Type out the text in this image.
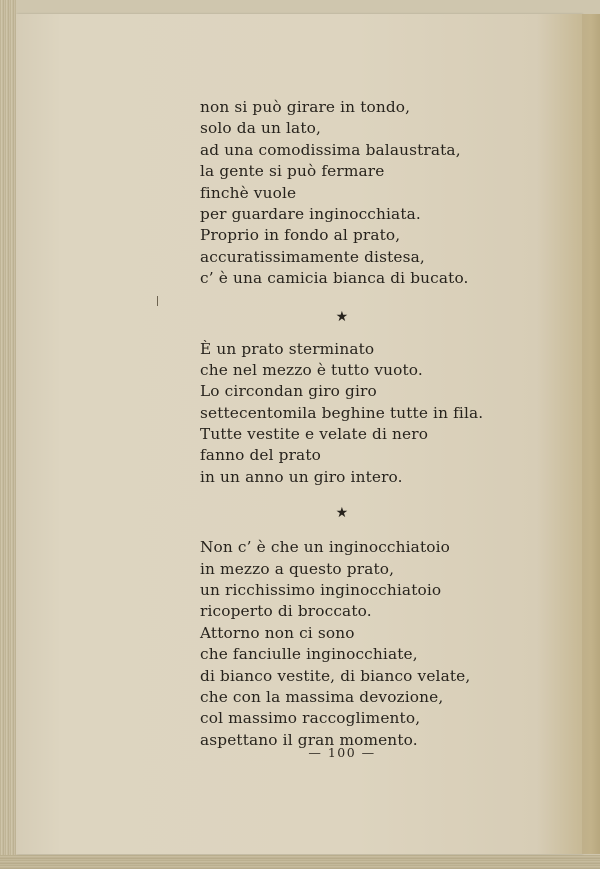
non si può girare in tondo,
solo da un lato,
ad una comodissima balaustrata,
la gente si può fermare
finchè vuole
per guardare inginocchiata.
Proprio in fondo al prato,
accuratissimamente distesa,
c’ è una camicia bianca di bucato.
★
È un prato sterminato
che nel mezzo è tutto vuoto.
Lo circondan giro giro
settecentomila beghine tutte in fila.
Tutte vestite e velate di nero
fanno del prato
in un anno un giro intero.
★
Non c’ è che un inginocchiatoio
in mezzo a questo prato,
un ricchissimo inginocchiatoio
ricoperto di broccato.
Attorno non ci sono
che fanciulle inginocchiate,
di bianco vestite, di bianco velate,
che con la massima devozione,
col massimo raccoglimento,
aspettano il gran momento.
— 100 —
